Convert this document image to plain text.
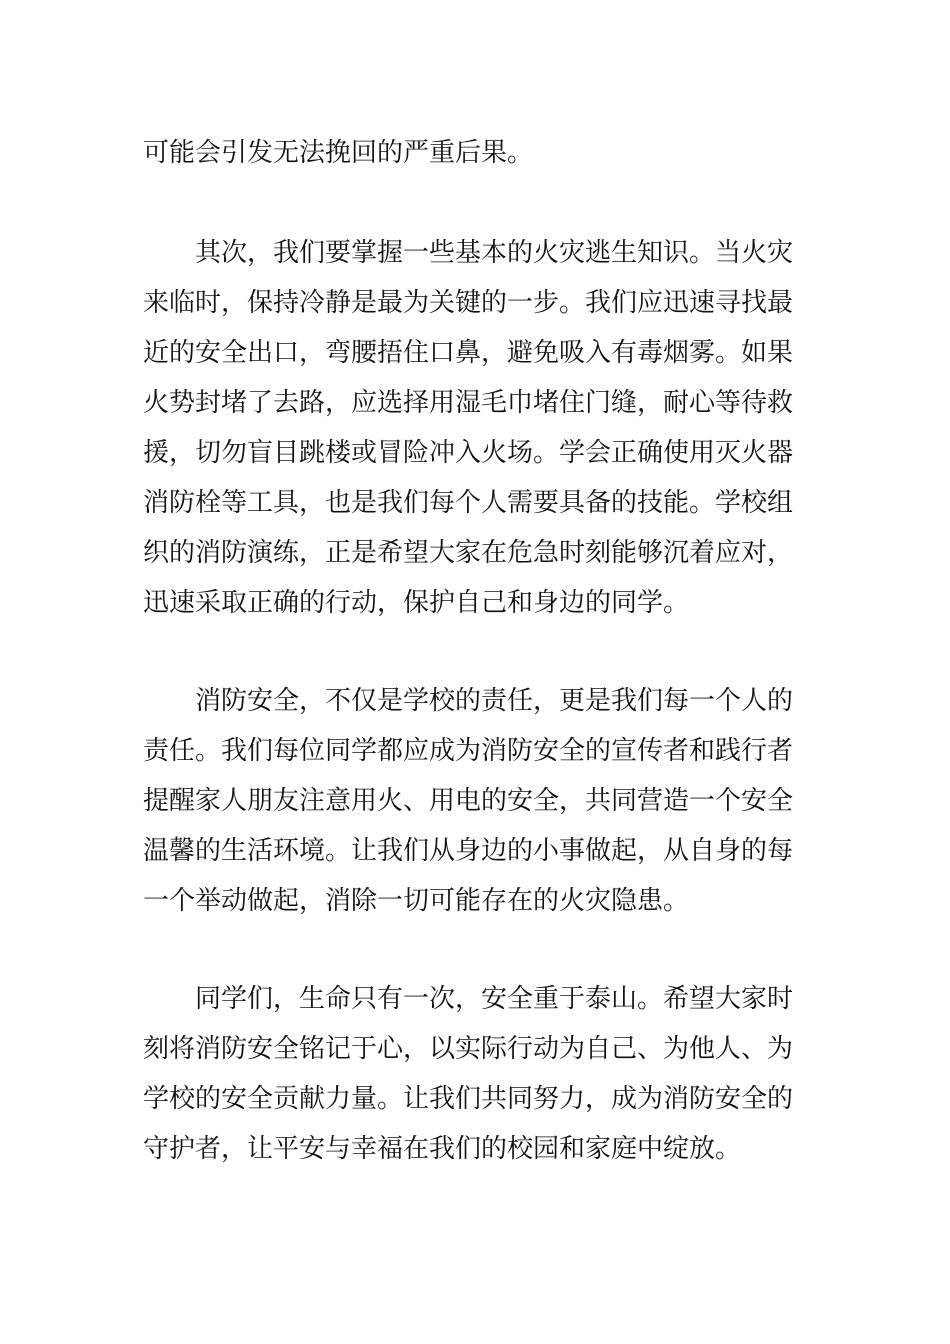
可能会引发无法挽回的严重后果。
其次，我们要掌握一些基本的火灾逃生知识。当火灾
来临时，保持冷静是最为关键的一步。我们应迅速寻找最
近的安全出口，弯腰捂住口鼻，避免吸入有毒烟雾。如果
火势封堵了去路，应选择用湿毛巾堵住门缝，耐心等待救
援，切勿盲目跳楼或冒险冲入火场。学会正确使用灭火器
消防栓等工具，也是我们每个人需要具备的技能。学校组
织的消防演练，正是希望大家在危急时刻能够沉着应对，
迅速采取正确的行动，保护自己和身边的同学。
消防安全，不仅是学校的责任，更是我们每一个人的
责任。我们每位同学都应成为消防安全的宣传者和践行者
提醒家人朋友注意用火、用电的安全，共同营造一个安全
温馨的生活环境。让我们从身边的小事做起，从自身的每
一个举动做起，消除一切可能存在的火灾隐患。
同学们，生命只有一次，安全重于泰山。希望大家时
刻将消防安全铭记于心，以实际行动为自己、为他人、为
学校的安全贡献力量。让我们共同努力，成为消防安全的
守护者，让平安与幸福在我们的校园和家庭中绽放。
